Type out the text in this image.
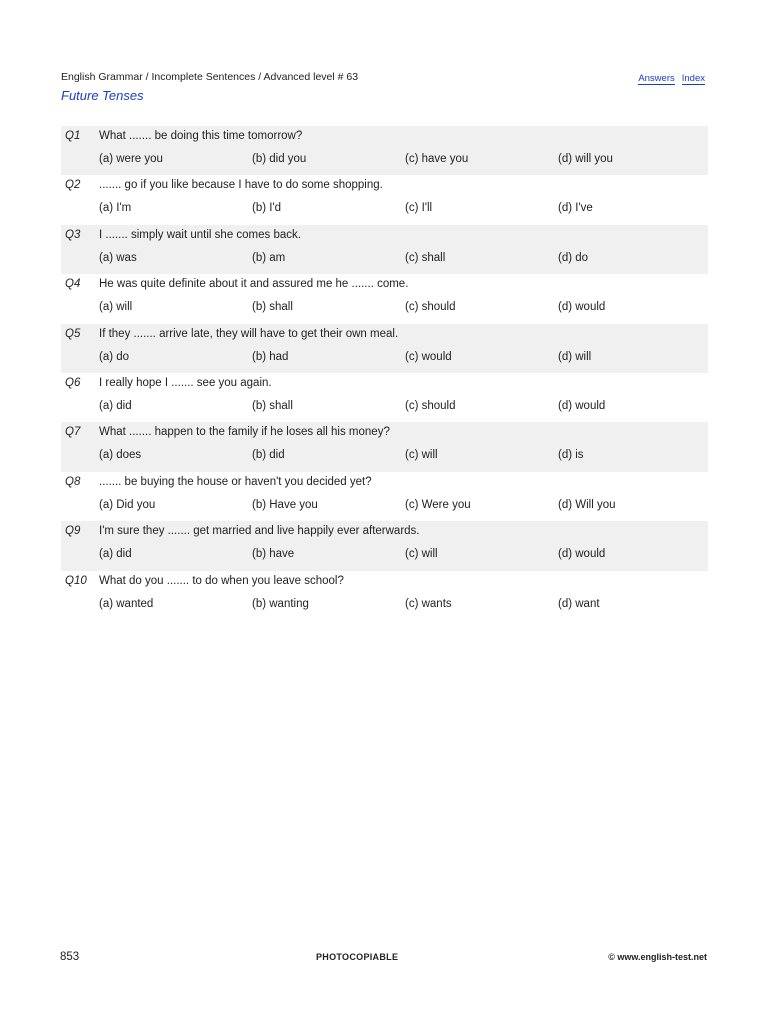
English Grammar / Incomplete Sentences / Advanced level # 63	Answers Index
Future Tenses
Q1 What ....... be doing this time tomorrow?
(a) were you	(b) did you	(c) have you	(d) will you
Q2 ....... go if you like because I have to do some shopping.
(a) I'm	(b) I'd	(c) I'll	(d) I've
Q3 I ....... simply wait until she comes back.
(a) was	(b) am	(c) shall	(d) do
Q4 He was quite definite about it and assured me he ....... come.
(a) will	(b) shall	(c) should	(d) would
Q5 If they ....... arrive late, they will have to get their own meal.
(a) do	(b) had	(c) would	(d) will
Q6 I really hope I ....... see you again.
(a) did	(b) shall	(c) should	(d) would
Q7 What ....... happen to the family if he loses all his money?
(a) does	(b) did	(c) will	(d) is
Q8 ....... be buying the house or haven't you decided yet?
(a) Did you	(b) Have you	(c) Were you	(d) Will you
Q9 I'm sure they ....... get married and live happily ever afterwards.
(a) did	(b) have	(c) will	(d) would
Q10 What do you ....... to do when you leave school?
(a) wanted	(b) wanting	(c) wants	(d) want
853	PHOTOCOPIABLE	© www.english-test.net
